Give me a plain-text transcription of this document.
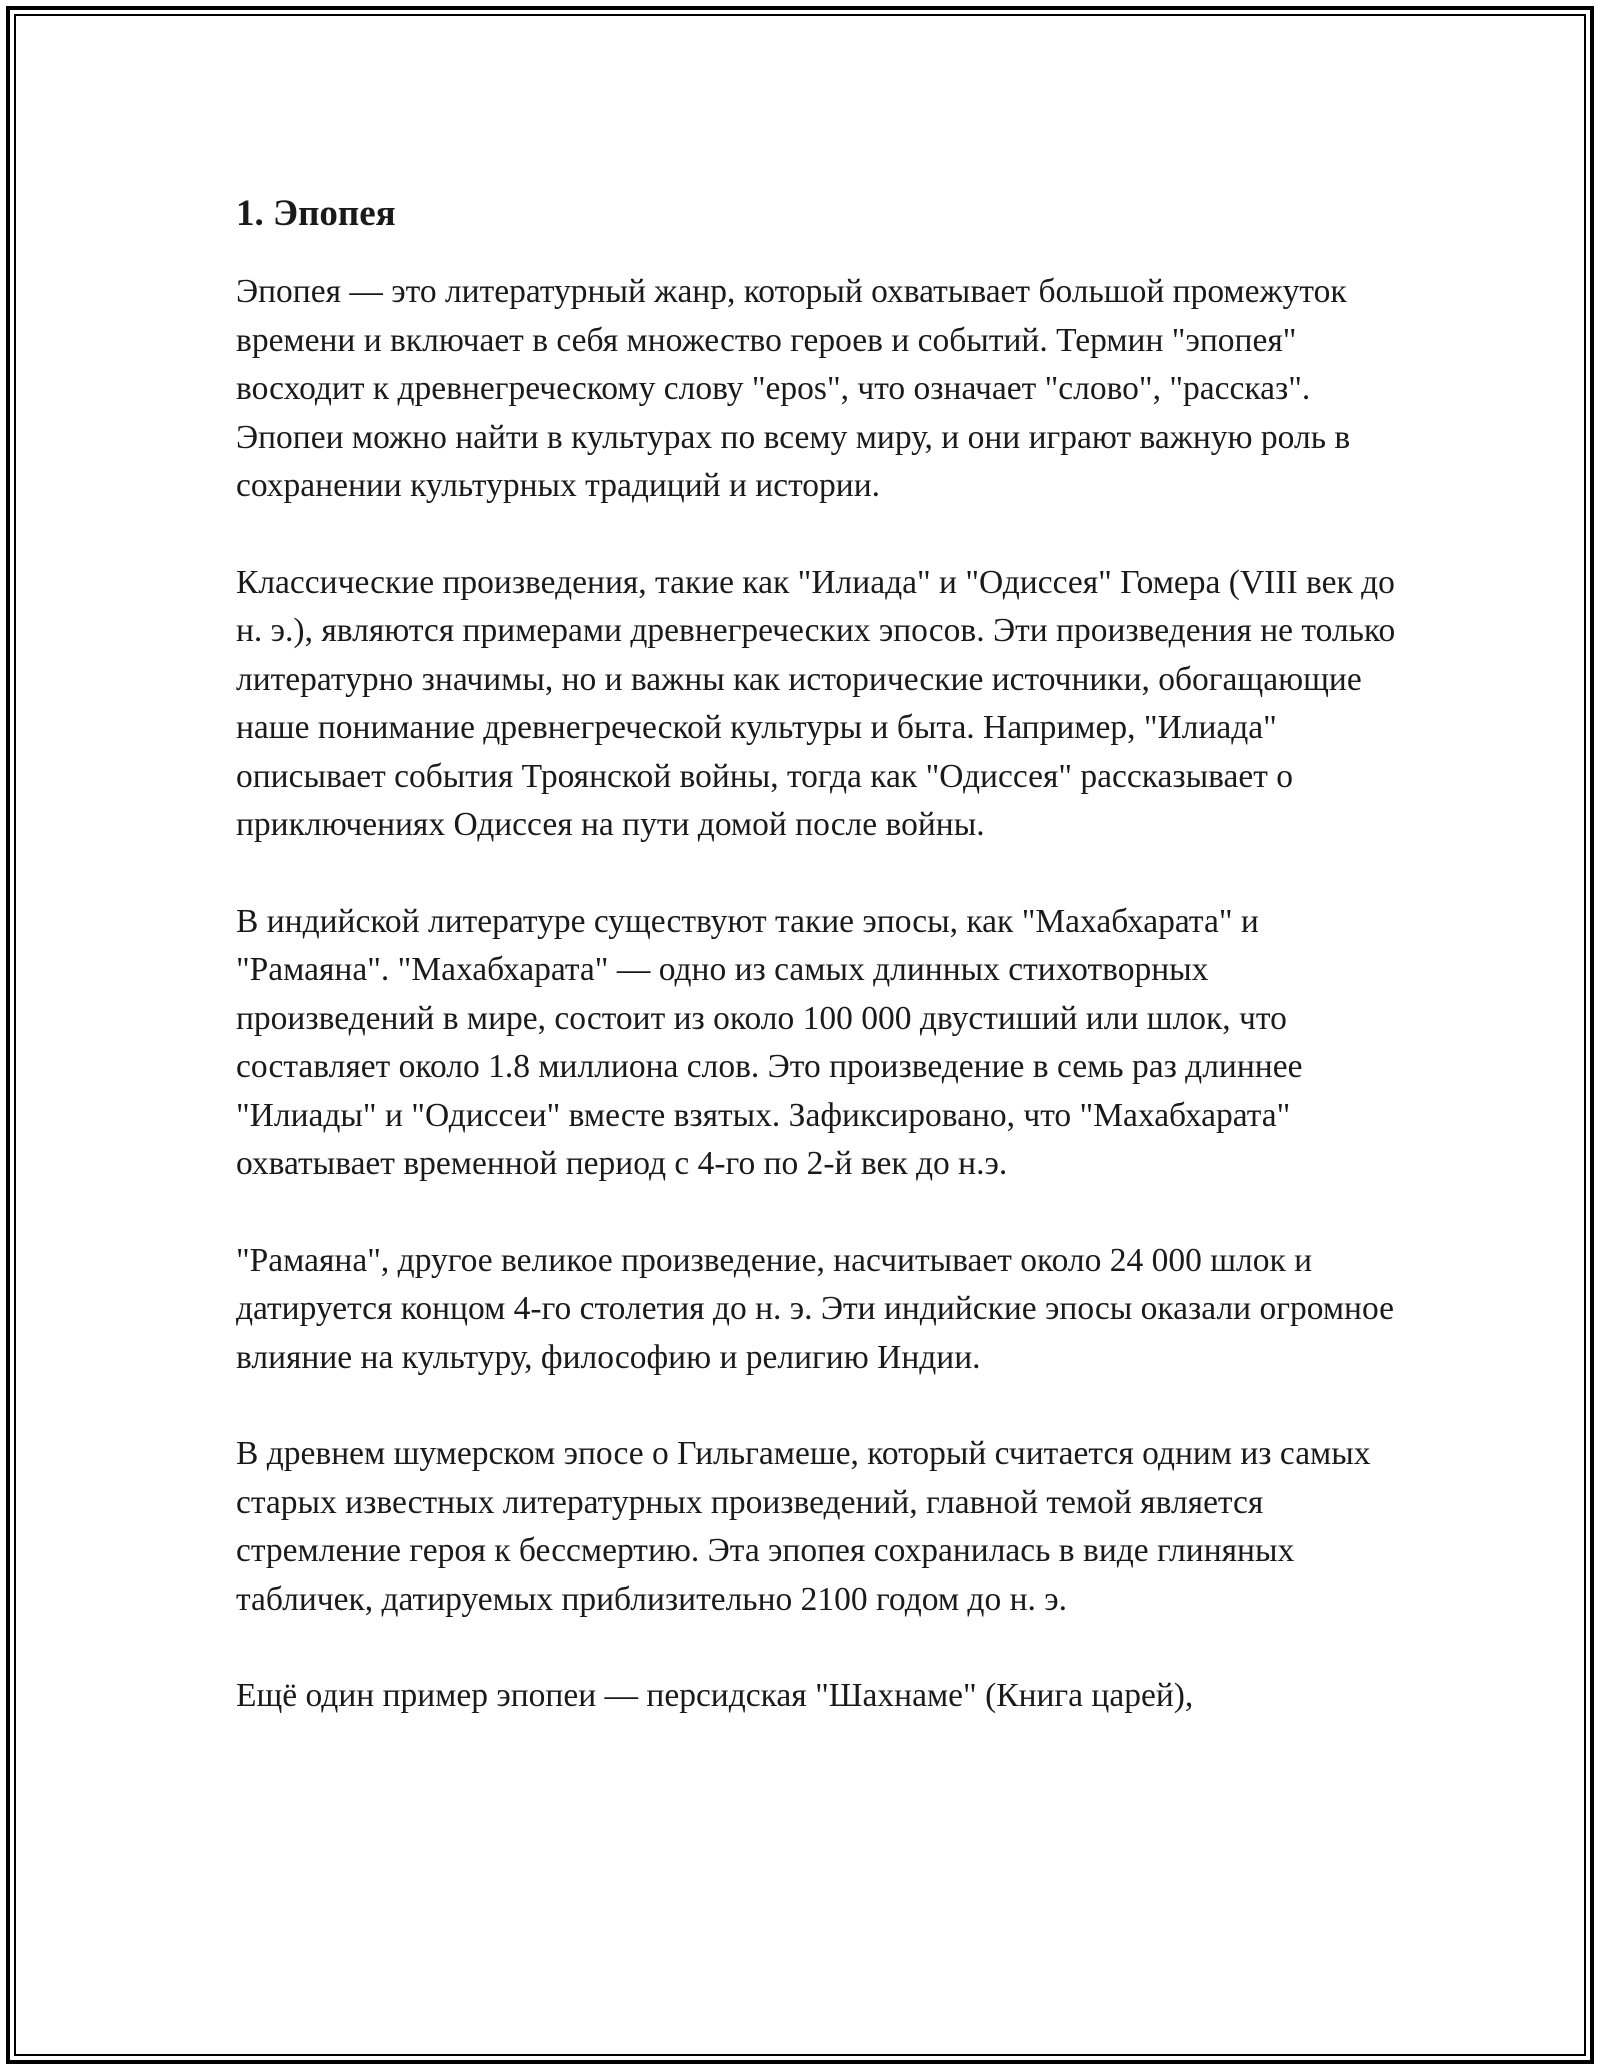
1. Эпопея

Эпопея — это литературный жанр, который охватывает большой промежуток времени и включает в себя множество героев и событий. Термин "эпопея" восходит к древнегреческому слову "epos", что означает "слово", "рассказ". Эпопеи можно найти в культурах по всему миру, и они играют важную роль в сохранении культурных традиций и истории.

Классические произведения, такие как "Илиада" и "Одиссея" Гомера (VIII век до н. э.), являются примерами древнегреческих эпосов. Эти произведения не только литературно значимы, но и важны как исторические источники, обогащающие наше понимание древнегреческой культуры и быта. Например, "Илиада" описывает события Троянской войны, тогда как "Одиссея" рассказывает о приключениях Одиссея на пути домой после войны.

В индийской литературе существуют такие эпосы, как "Махабхарата" и "Рамаяна". "Махабхарата" — одно из самых длинных стихотворных произведений в мире, состоит из около 100 000 двустиший или шлок, что составляет около 1.8 миллиона слов. Это произведение в семь раз длиннее "Илиады" и "Одиссеи" вместе взятых. Зафиксировано, что "Махабхарата" охватывает временной период с 4-го по 2-й век до н.э.

"Рамаяна", другое великое произведение, насчитывает около 24 000 шлок и датируется концом 4-го столетия до н. э. Эти индийские эпосы оказали огромное влияние на культуру, философию и религию Индии.

В древнем шумерском эпосе о Гильгамеше, который считается одним из самых старых известных литературных произведений, главной темой является стремление героя к бессмертию. Эта эпопея сохранилась в виде глиняных табличек, датируемых приблизительно 2100 годом до н. э.

Ещё один пример эпопеи — персидская "Шахнаме" (Книга царей),
